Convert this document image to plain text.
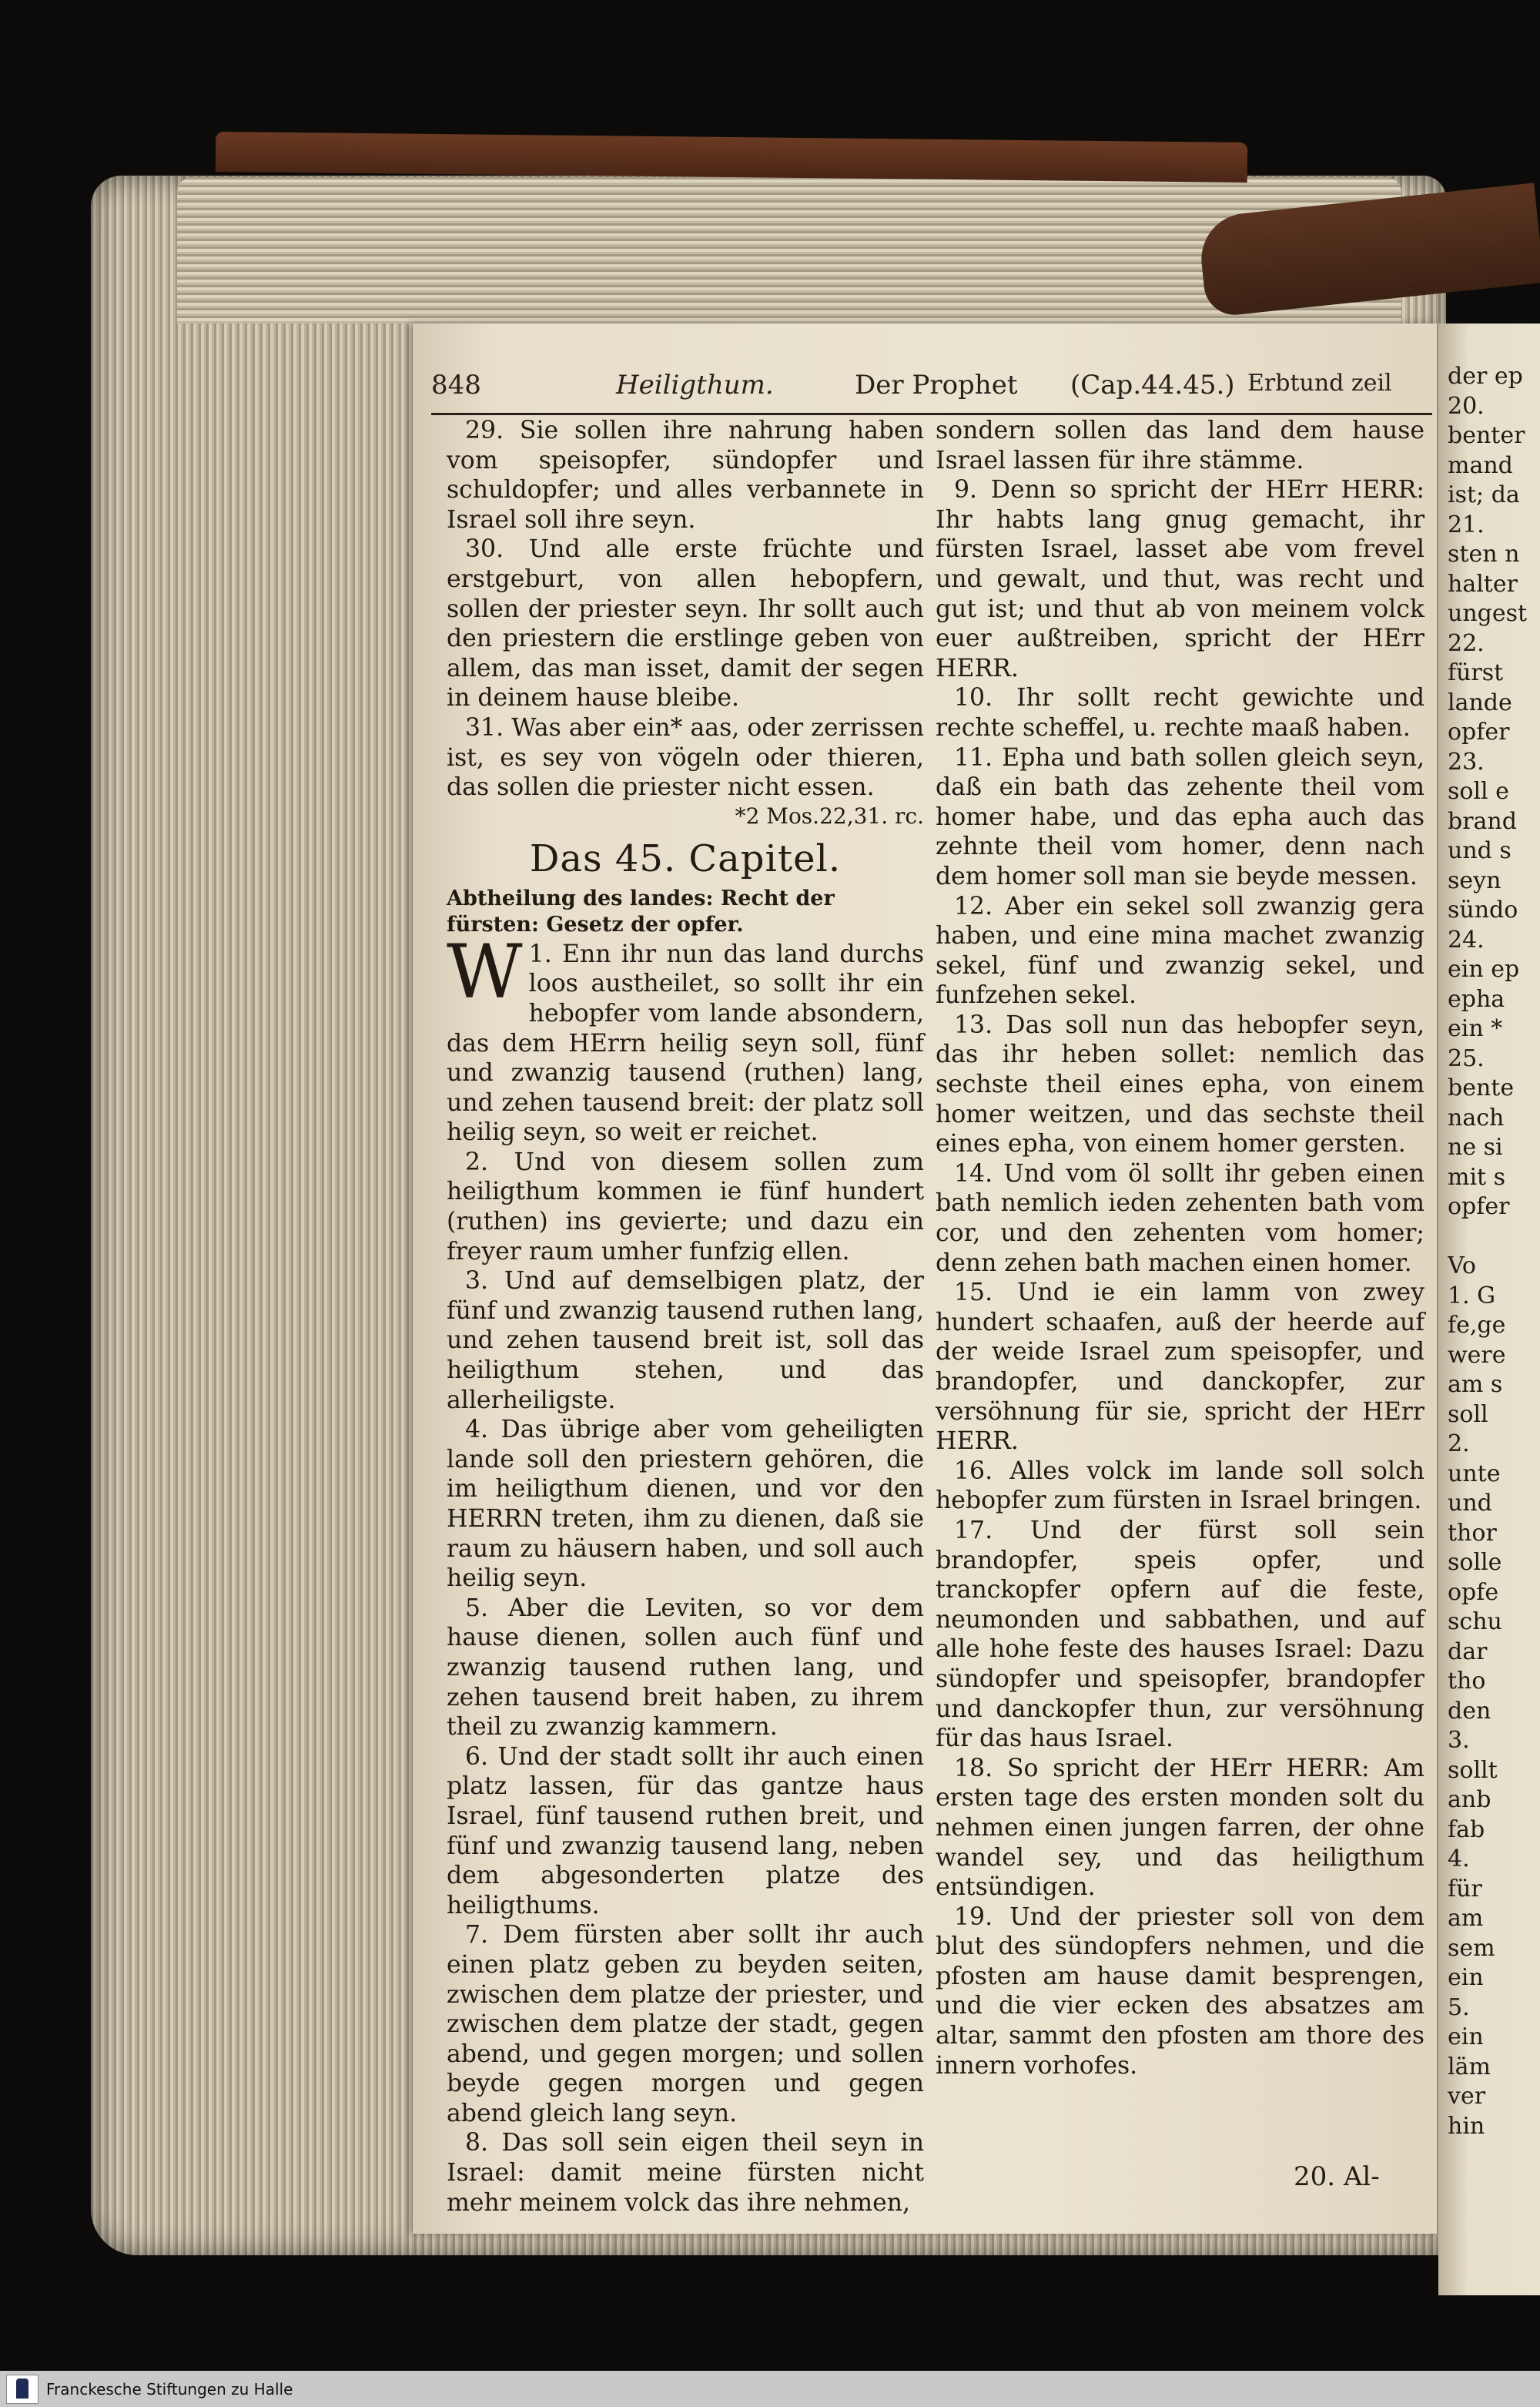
der ep
20.
benter
mand
ist; da
21.
sten n
halter
ungest
22.
fürst
lande
opfer
23.
soll e
brand
und s
seyn
sündo
24.
ein ep
epha
ein *
25.
bente
nach
ne si
mit s
opfer

Vo
1. G
fe,ge
were
am s
soll
2.
unte
und
thor
solle
opfe
schu
dar
tho
den
3.
sollt
anb
fab
4.
für
am
sem
ein
5.
ein
läm
ver
hin
848	Heiligthum.	Der Prophet (Cap.44.45.) Erbtund zeil

29. Sie sollen ihre nahrung haben vom speisopfer, sündopfer und schuldopfer; und alles verbannete in Israel soll ihre seyn.

30. Und alle erste früchte und erstgeburt, von allen hebopfern, sollen der priester seyn. Ihr sollt auch den priestern die erstlinge geben von allem, das man isset, damit der segen in deinem hause bleibe.

31. Was aber ein* aas, oder zerrissen ist, es sey von vögeln oder thieren, das sollen die priester nicht essen.

*2 Mos.22,31. rc.

Das 45. Capitel.

Abtheilung des landes: Recht der fürsten: Gesetz der opfer.

W 1. Enn ihr nun das land durchs loos austheilet, so sollt ihr ein hebopfer vom lande absondern, das dem HErrn heilig seyn soll, fünf und zwanzig tausend (ruthen) lang, und zehen tausend breit: der platz soll heilig seyn, so weit er reichet.

2. Und von diesem sollen zum heiligthum kommen ie fünf hundert (ruthen) ins gevierte; und dazu ein freyer raum umher funfzig ellen.

3. Und auf demselbigen platz, der fünf und zwanzig tausend ruthen lang, und zehen tausend breit ist, soll das heiligthum stehen, und das allerheiligste.

4. Das übrige aber vom geheiligten lande soll den priestern gehören, die im heiligthum dienen, und vor den HERRN treten, ihm zu dienen, daß sie raum zu häusern haben, und soll auch heilig seyn.

5. Aber die Leviten, so vor dem hause dienen, sollen auch fünf und zwanzig tausend ruthen lang, und zehen tausend breit haben, zu ihrem theil zu zwanzig kammern.

6. Und der stadt sollt ihr auch einen platz lassen, für das gantze haus Israel, fünf tausend ruthen breit, und fünf und zwanzig tausend lang, neben dem abgesonderten platze des heiligthums.

7. Dem fürsten aber sollt ihr auch einen platz geben zu beyden seiten, zwischen dem platze der priester, und zwischen dem platze der stadt, gegen abend, und gegen morgen; und sollen beyde gegen morgen und gegen abend gleich lang seyn.

8. Das soll sein eigen theil seyn in Israel: damit meine fürsten nicht mehr meinem volck das ihre nehmen,

sondern sollen das land dem hause Israel lassen für ihre stämme.

9. Denn so spricht der HErr HERR: Ihr habts lang gnug gemacht, ihr fürsten Israel, lasset abe vom frevel und gewalt, und thut, was recht und gut ist; und thut ab von meinem volck euer außtreiben, spricht der HErr HERR.

10. Ihr sollt recht gewichte und rechte scheffel, u. rechte maaß haben.

11. Epha und bath sollen gleich seyn, daß ein bath das zehente theil vom homer habe, und das epha auch das zehnte theil vom homer, denn nach dem homer soll man sie beyde messen.

12. Aber ein sekel soll zwanzig gera haben, und eine mina machet zwanzig sekel, fünf und zwanzig sekel, und funfzehen sekel.

13. Das soll nun das hebopfer seyn, das ihr heben sollet: nemlich das sechste theil eines epha, von einem homer weitzen, und das sechste theil eines epha, von einem homer gersten.

14. Und vom öl sollt ihr geben einen bath nemlich ieden zehenten bath vom cor, und den zehenten vom homer; denn zehen bath machen einen homer.

15. Und ie ein lamm von zwey hundert schaafen, auß der heerde auf der weide Israel zum speisopfer, und brandopfer, und danckopfer, zur versöhnung für sie, spricht der HErr HERR.

16. Alles volck im lande soll solch hebopfer zum fürsten in Israel bringen.

17. Und der fürst soll sein brandopfer, speis opfer, und tranckopfer opfern auf die feste, neumonden und sabbathen, und auf alle hohe feste des hauses Israel: Dazu sündopfer und speisopfer, brandopfer und danckopfer thun, zur versöhnung für das haus Israel.

18. So spricht der HErr HERR: Am ersten tage des ersten monden solt du nehmen einen jungen farren, der ohne wandel sey, und das heiligthum entsündigen.

19. Und der priester soll von dem blut des sündopfers nehmen, und die pfosten am hause damit besprengen, und die vier ecken des absatzes am altar, sammt den pfosten am thore des innern vorhofes.

20. Al-
Franckesche Stiftungen zu Halle
